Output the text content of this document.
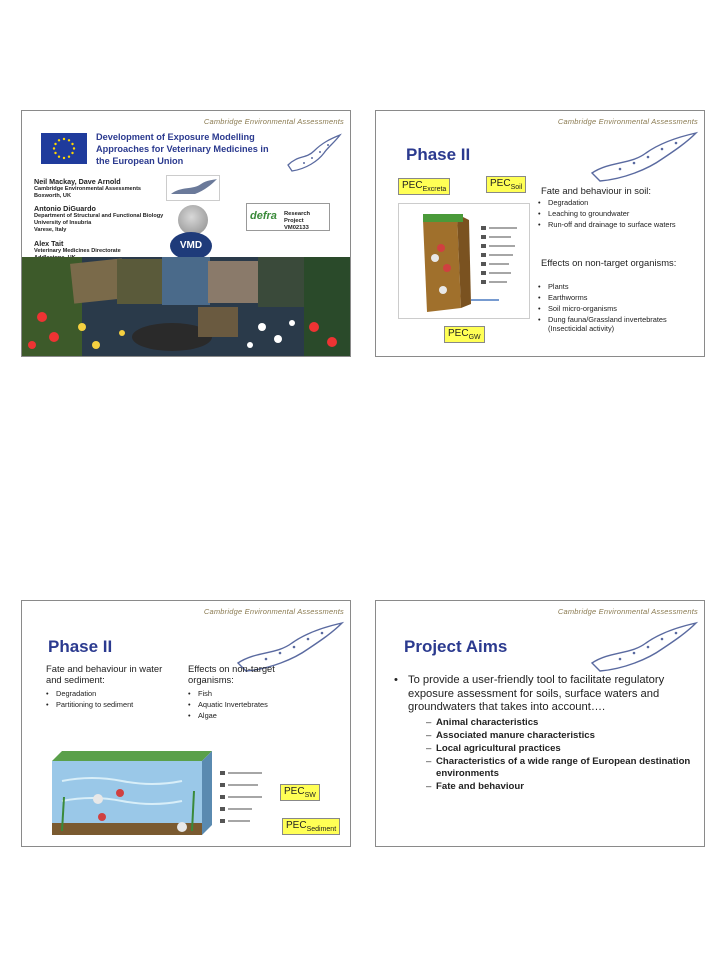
Development of Exposure Modelling Approaches for Veterinary Medicines in the European Union
Cambridge Environmental Assessments
Neil Mackay, Dave Arnold
Cambridge Environmental Assessments
Boxworth, UK
Antonio DiGuardo
Department of Structural and Functional Biology
University of Insubria
Varese, Italy
Alex Tait
Veterinary Medicines Directorate

defra Research Project
VM02133
VMD
Cambridge Environmental Assessments
Phase II
$PEC_{Excreta}$
$PEC_{Soil}$
$PEC_{GW}$
Fate and behaviour in soil:
• Degradation
• Leaching to groundwater
• Run-off and drainage to surface waters
Effects on non-target organisms:
• Plants
• Earthworms
• Soil micro-organisms
• Dung fauna/Grassland invertebrates (Insecticidal activity)
Cambridge Environmental Assessments
Phase II
Fate and behaviour in water and sediment:
• Degradation
• Partitioning to sediment
Effects on non-target organisms:
• Fish
• Aquatic Invertebrates
• Algae
$PEC_{SW}$
$PEC_{Sediment}$
Cambridge Environmental Assessments
Project Aims
• To provide a user-friendly tool to facilitate regulatory exposure assessment for soils, surface waters and groundwaters that takes into account….
– Animal characteristics
– Associated manure characteristics
– Local agricultural practices
– Characteristics of a wide range of European destination environments
– Fate and behaviour
